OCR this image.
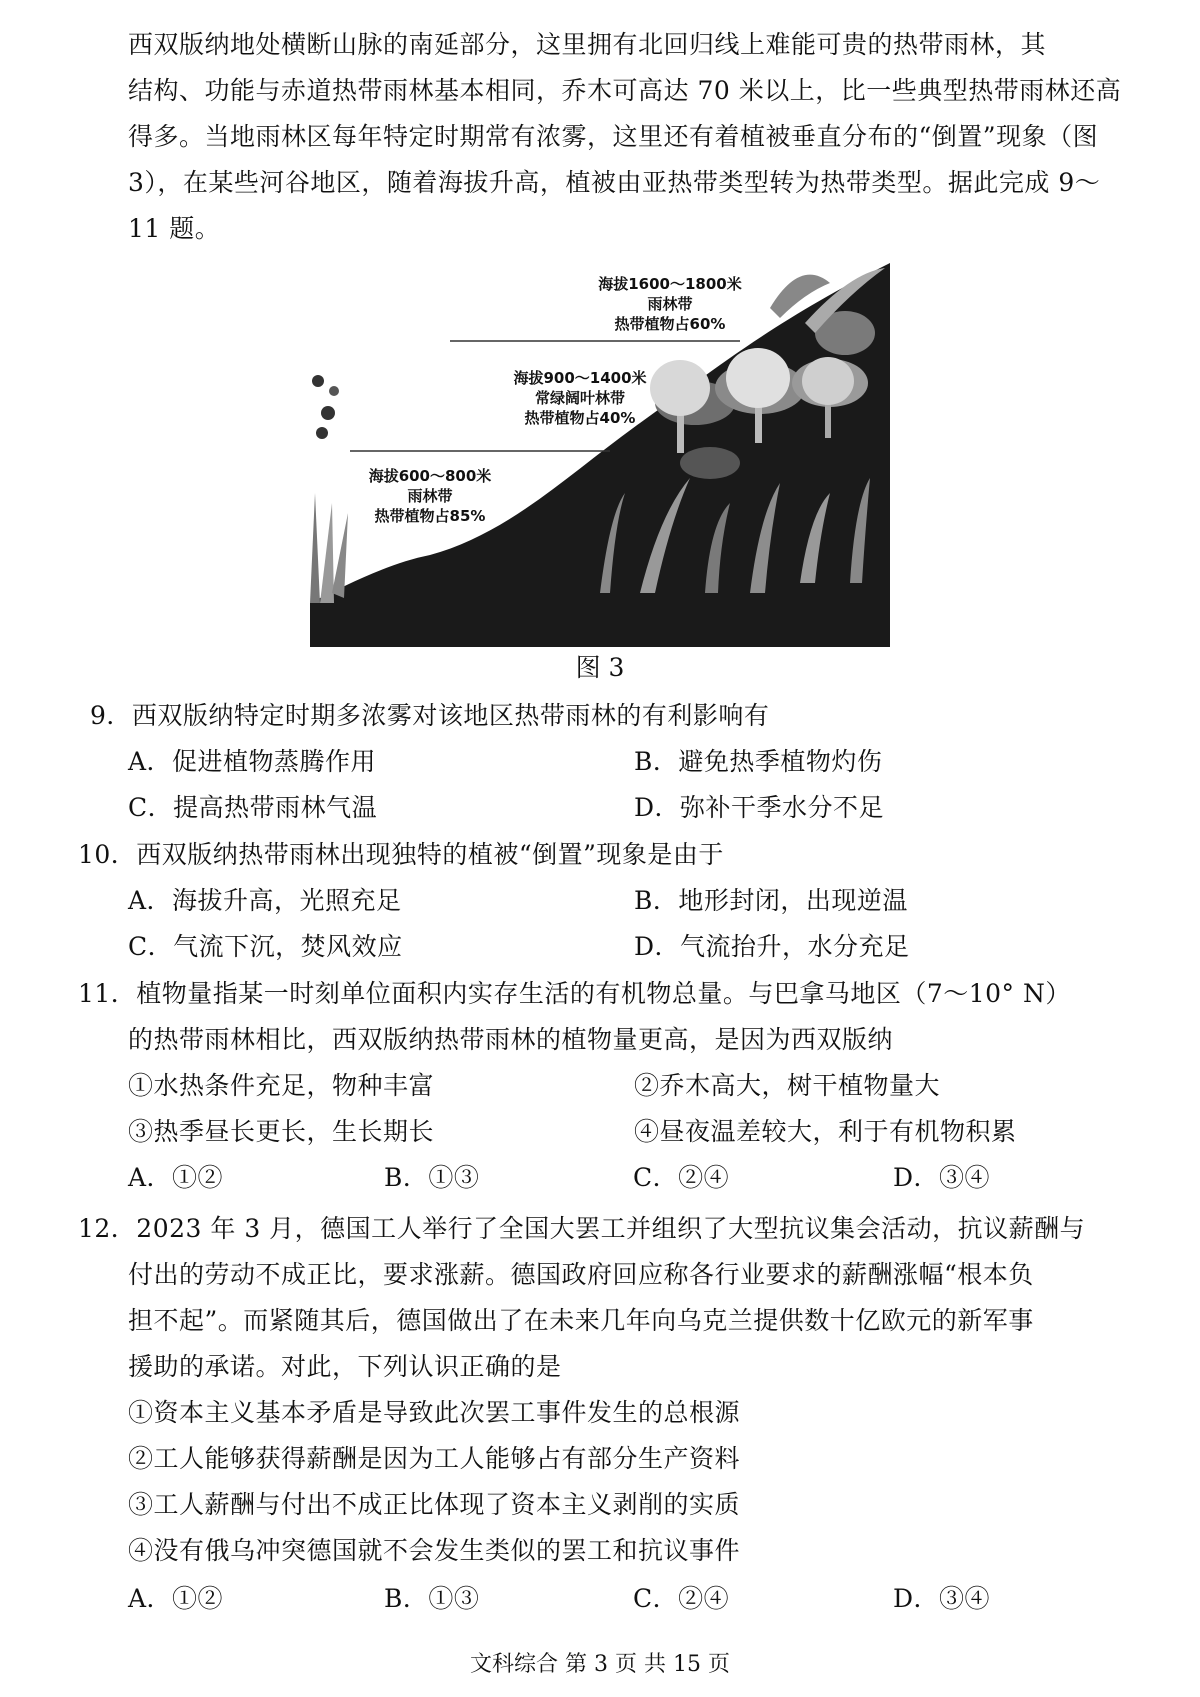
西双版纳地处横断山脉的南延部分，这里拥有北回归线上难能可贵的热带雨林，其
结构、功能与赤道热带雨林基本相同，乔木可高达 70 米以上，比一些典型热带雨林还高
得多。当地雨林区每年特定时期常有浓雾，这里还有着植被垂直分布的“倒置”现象（图
3），在某些河谷地区，随着海拔升高，植被由亚热带类型转为热带类型。据此完成 9～
11 题。
海拔1600～1800米
雨林带
热带植物占60%
海拔900～1400米
常绿阔叶林带
热带植物占40%
海拔600～800米
雨林带
热带植物占85%
图 3
9．西双版纳特定时期多浓雾对该地区热带雨林的有利影响有
A．促进植物蒸腾作用	B．避免热季植物灼伤
C．提高热带雨林气温	D．弥补干季水分不足
10．西双版纳热带雨林出现独特的植被“倒置”现象是由于
A．海拔升高，光照充足	B．地形封闭，出现逆温
C．气流下沉，焚风效应	D．气流抬升，水分充足
11．植物量指某一时刻单位面积内实存生活的有机物总量。与巴拿马地区（7～10° N）
的热带雨林相比，西双版纳热带雨林的植物量更高，是因为西双版纳
①水热条件充足，物种丰富	②乔木高大，树干植物量大
③热季昼长更长，生长期长	④昼夜温差较大，利于有机物积累
A．①②	B．①③	C．②④	D．③④
12．2023 年 3 月，德国工人举行了全国大罢工并组织了大型抗议集会活动，抗议薪酬与
付出的劳动不成正比，要求涨薪。德国政府回应称各行业要求的薪酬涨幅“根本负
担不起”。而紧随其后，德国做出了在未来几年向乌克兰提供数十亿欧元的新军事
援助的承诺。对此，下列认识正确的是
①资本主义基本矛盾是导致此次罢工事件发生的总根源
②工人能够获得薪酬是因为工人能够占有部分生产资料
③工人薪酬与付出不成正比体现了资本主义剥削的实质
④没有俄乌冲突德国就不会发生类似的罢工和抗议事件
A．①②	B．①③	C．②④	D．③④
文科综合 第 3 页 共 15 页
